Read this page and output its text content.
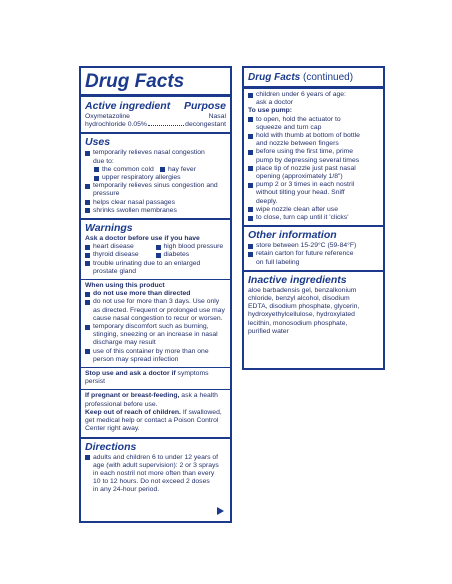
Drug Facts
Active ingredient Purpose
Oxymetazoline	Nasal
hydrochloride 0.05%	decongestant
Uses
temporarily relieves nasal congestion
due to:
the common cold hay fever
upper respiratory allergies
temporarily relieves sinus congestion and
pressure
helps clear nasal passages
shrinks swollen membranes
Warnings
Ask a doctor before use if you have
heart disease	high blood pressure
thyroid disease	diabetes
trouble urinating due to an enlarged
prostate gland
When using this product
do not use more than directed
do not use for more than 3 days. Use only
as directed. Frequent or prolonged use may
cause nasal congestion to recur or worsen.
temporary discomfort such as burning,
stinging, sneezing or an increase in nasal
discharge may result
use of this container by more than one
person may spread infection
Stop use and ask a doctor if symptoms persist
If pregnant or breast-feeding, ask a health
professional before use.
Keep out of reach of children. If swallowed,
get medical help or contact a Poison Control
Center right away.
Directions
adults and children 6 to under 12 years of
age (with adult supervision): 2 or 3 sprays
in each nostril not more often than every
10 to 12 hours. Do not exceed 2 doses
in any 24-hour period.
Drug Facts (continued)
children under 6 years of age:
ask a doctor
To use pump:
to open, hold the actuator to
squeeze and turn cap
hold with thumb at bottom of bottle
and nozzle between fingers
before using the first time, prime
pump by depressing several times
place tip of nozzle just past nasal
opening (approximately 1/8")
pump 2 or 3 times in each nostril
without tilting your head. Sniff
deeply.
wipe nozzle clean after use
to close, turn cap until it 'clicks'
Other information
store between 15-29°C (59-84°F)
retain carton for future reference
on full labeling
Inactive ingredients
aloe barbadensis gel, benzalkonium
chloride, benzyl alcohol, disodium
EDTA, disodium phosphate, glycerin,
hydroxyethylcellulose, hydroxylated
lecithin, monosodium phosphate,
purified water
